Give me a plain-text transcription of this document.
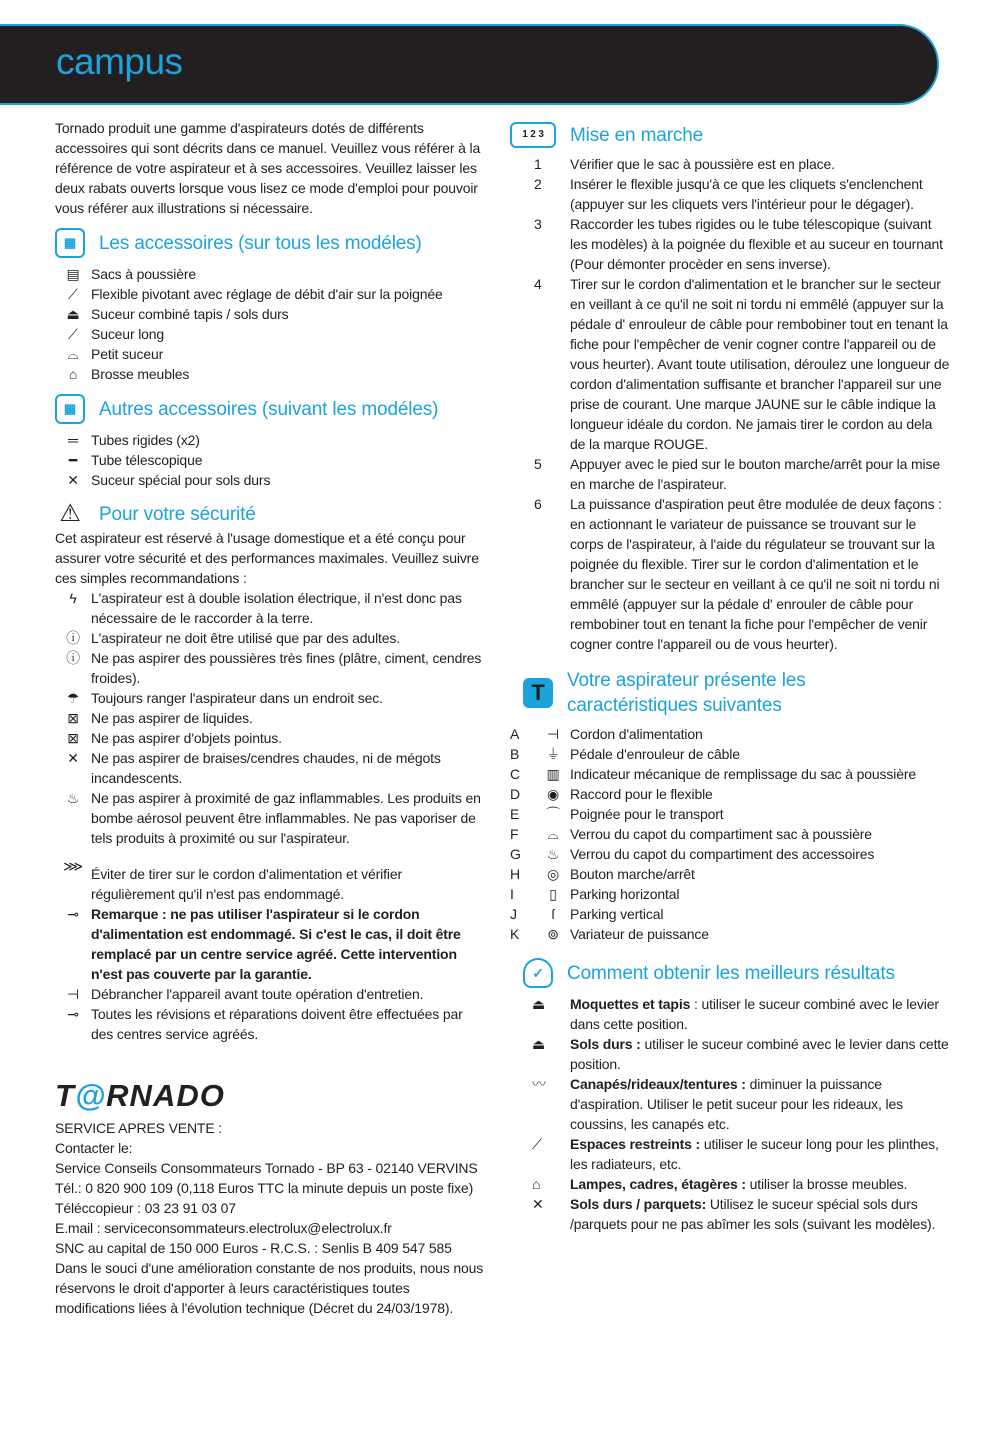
campus
Tornado produit une gamme d'aspirateurs dotés de différents accessoires qui sont décrits dans ce manuel. Veuillez vous référer à la référence de votre aspirateur et à ses accessoires. Veuillez laisser les deux rabats ouverts lorsque vous lisez ce mode d'emploi pour pouvoir vous référer aux illustrations si nécessaire.
▦	Les accessoires (sur tous les modéles)
▤ Sacs à poussière
⟋ Flexible pivotant avec réglage de débit d'air sur la poignée
⏏ Suceur combiné tapis / sols durs
⟋ Suceur long
⌓ Petit suceur
⌂ Brosse meubles
▦	Autres accessoires (suivant les modéles)
═ Tubes rigides (x2)
━ Tube télescopique
✕ Suceur spécial pour sols durs
⚠ Pour votre sécurité
Cet aspirateur est réservé à l'usage domestique et a été conçu pour assurer votre sécurité et des performances maximales. Veuillez suivre ces simples recommandations :
ϟ	L'aspirateur est à double isolation électrique, il n'est donc pas nécessaire de le raccorder à la terre.
ⓘ L'aspirateur ne doit être utilisé que par des adultes.
ⓘ Ne pas aspirer des poussières très fines (plâtre, ciment, cendres froides).
☂ Toujours ranger l'aspirateur dans un endroit sec.
⊠ Ne pas aspirer de liquides.
⊠ Ne pas aspirer d'objets pointus.
✕ Ne pas aspirer de braises/cendres chaudes, ni de mégots incandescents.
♨ Ne pas aspirer à proximité de gaz inflammables. Les produits en bombe aérosol peuvent être inflammables. Ne pas vaporiser de tels produits à proximité ou sur l'aspirateur.
⋙ Éviter de tirer sur le cordon d'alimentation et vérifier régulièrement qu'il n'est pas endommagé.
⊸ Remarque : ne pas utiliser l'aspirateur si le cordon d'alimentation est endommagé. Si c'est le cas, il doit être remplacé par un centre service agréé. Cette intervention n'est pas couverte par la garantie.
⊣ Débrancher l'appareil avant toute opération d'entretien.
⊸ Toutes les révisions et réparations doivent être effectuées par des centres service agréés.
T@RNADO
SERVICE APRES VENTE :
Contacter le:
Service Conseils Consommateurs Tornado - BP 63 - 02140 VERVINS
Tél.: 0 820 900 109 (0,118 Euros TTC la minute depuis un poste fixe)
Téléccopieur : 03 23 91 03 07
E.mail : serviceconsommateurs.electrolux@electrolux.fr
SNC au capital de 150 000 Euros - R.C.S. : Senlis B 409 547 585
Dans le souci d'une amélioration constante de nos produits, nous nous réservons le droit d'apporter à leurs caractéristiques toutes modifications liées à l'évolution technique (Décret du 24/03/1978).
1 2 3	Mise en marche
1	Vérifier que le sac à poussière est en place.
2	Insérer le flexible jusqu'à ce que les cliquets s'enclenchent (appuyer sur les cliquets vers l'intérieur pour le dégager).
3	Raccorder les tubes rigides ou le tube télescopique (suivant les modèles) à la poignée du flexible et au suceur en tournant (Pour démonter procèder en sens inverse).
4	Tirer sur le cordon d'alimentation et le brancher sur le secteur en veillant à ce qu'il ne soit ni tordu ni emmêlé (appuyer sur la pédale d' enrouleur de câble pour rembobiner tout en tenant la fiche pour l'empêcher de venir cogner contre l'appareil ou de vous heurter). Avant toute utilisation, déroulez une longueur de cordon d'alimentation suffisante et brancher l'appareil sur une prise de courant. Une marque JAUNE sur le câble indique la longueur idéale du cordon. Ne jamais tirer le cordon au dela de la marque ROUGE.
5	Appuyer avec le pied sur le bouton marche/arrêt pour la mise en marche de l'aspirateur.
6	La puissance d'aspiration peut être modulée de deux façons : en actionnant le variateur de puissance se trouvant sur le corps de l'aspirateur, à l'aide du régulateur se trouvant sur la poignée du flexible. Tirer sur le cordon d'alimentation et le brancher sur le secteur en veillant à ce qu'il ne soit ni tordu ni emmêlé (appuyer sur la pédale d' enrouler de câble pour rembobiner tout en tenant la fiche pour l'empêcher de venir cogner contre l'appareil ou de vous heurter).
T	Votre aspirateur présente les caractéristiques suivantes
A	⊣ Cordon d'alimentation
B	⏚ Pédale d'enrouleur de câble
C	▥ Indicateur mécanique de remplissage du sac à poussière
D	◉ Raccord pour le flexible
E	⌒ Poignée pour le transport
F	⌓ Verrou du capot du compartiment sac à poussière
G	♨ Verrou du capot du compartiment des accessoires
H	◎ Bouton marche/arrêt
I	▯ Parking horizontal
J	ſ	Parking vertical
K	⊚ Variateur de puissance
✓	Comment obtenir les meilleurs résultats
⏏	Moquettes et tapis : utiliser le suceur combiné avec le levier dans cette position.
⏏	Sols durs : utiliser le suceur combiné avec le levier dans cette position.
〰	Canapés/rideaux/tentures : diminuer la puissance d'aspiration. Utiliser le petit suceur pour les rideaux, les coussins, les canapés etc.
⟋	Espaces restreints : utiliser le suceur long pour les plinthes, les radiateurs, etc.
⌂	Lampes, cadres, étagères : utiliser la brosse meubles.
✕	Sols durs / parquets: Utilisez le suceur spécial sols durs /parquets pour ne pas abîmer les sols (suivant les modèles).
